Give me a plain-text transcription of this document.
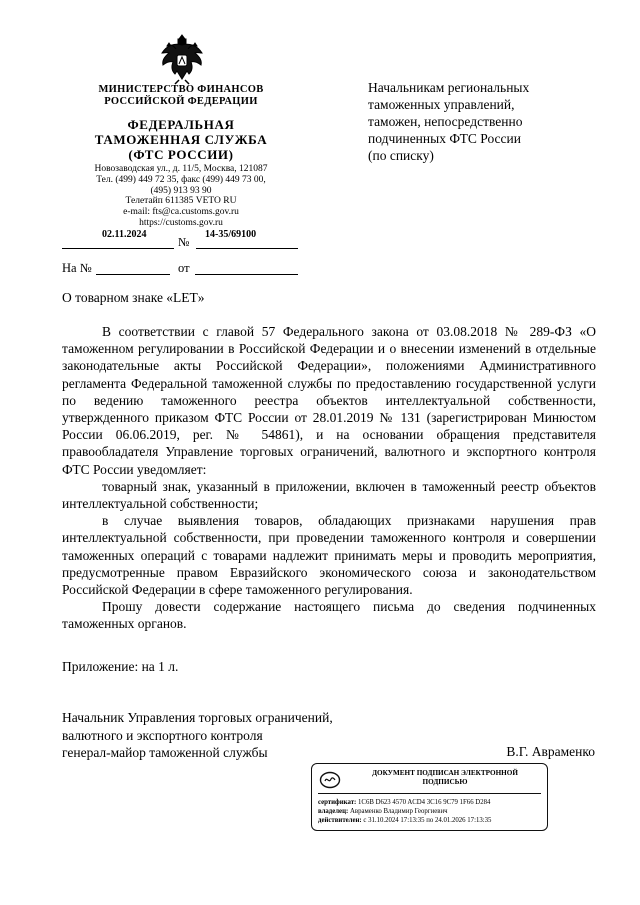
МИНИСТЕРСТВО ФИНАНСОВ
РОССИЙСКОЙ ФЕДЕРАЦИИ
ФЕДЕРАЛЬНАЯ
ТАМОЖЕННАЯ СЛУЖБА
(ФТС РОССИИ)
Новозаводская ул., д. 11/5, Москва, 121087
Тел. (499) 449 72 35, факс (499) 449 73 00,
(495) 913 93 90
Телетайп 611385 VETO RU
e-mail: fts@ca.customs.gov.ru
https://customs.gov.ru
02.11.2024
№
14-35/69100
На №	от
Начальникам региональных
таможенных управлений,
таможен, непосредственно
подчиненных ФТС России
(по списку)
О товарном знаке «LET»

В соответствии с главой 57 Федерального закона от 03.08.2018 № 289-ФЗ «О таможенном регулировании в Российской Федерации и о внесении изменений в отдельные законодательные акты Российской Федерации», положениями Административного регламента Федеральной таможенной службы по предоставлению государственной услуги по ведению таможенного реестра объектов интеллектуальной собственности, утвержденного приказом ФТС России от 28.01.2019 № 131 (зарегистрирован Минюстом России 06.06.2019, рег. № 54861), и на основании обращения представителя правообладателя Управление торговых ограничений, валютного и экспортного контроля ФТС России уведомляет:

товарный знак, указанный в приложении, включен в таможенный реестр объектов интеллектуальной собственности;

в случае выявления товаров, обладающих признаками нарушения прав интеллектуальной собственности, при проведении таможенного контроля и совершении таможенных операций с товарами надлежит принимать меры и проводить мероприятия, предусмотренные правом Евразийского экономического союза и законодательством Российской Федерации в сфере таможенного регулирования.

Прошу довести содержание настоящего письма до сведения подчиненных таможенных органов.

Приложение: на 1 л.
Начальник Управления торговых ограничений,
валютного и экспортного контроля
генерал-майор таможенной службы	В.Г. Авраменко
ДОКУМЕНТ ПОДПИСАН ЭЛЕКТРОННОЙ
ПОДПИСЬЮ
сертификат: 1С6В D623 4570 ACD4 3C16 9C79 1F66 D284
владелец: Авраменко Владимир Георгиевич
действителен: с 31.10.2024 17:13:35 по 24.01.2026 17:13:35
